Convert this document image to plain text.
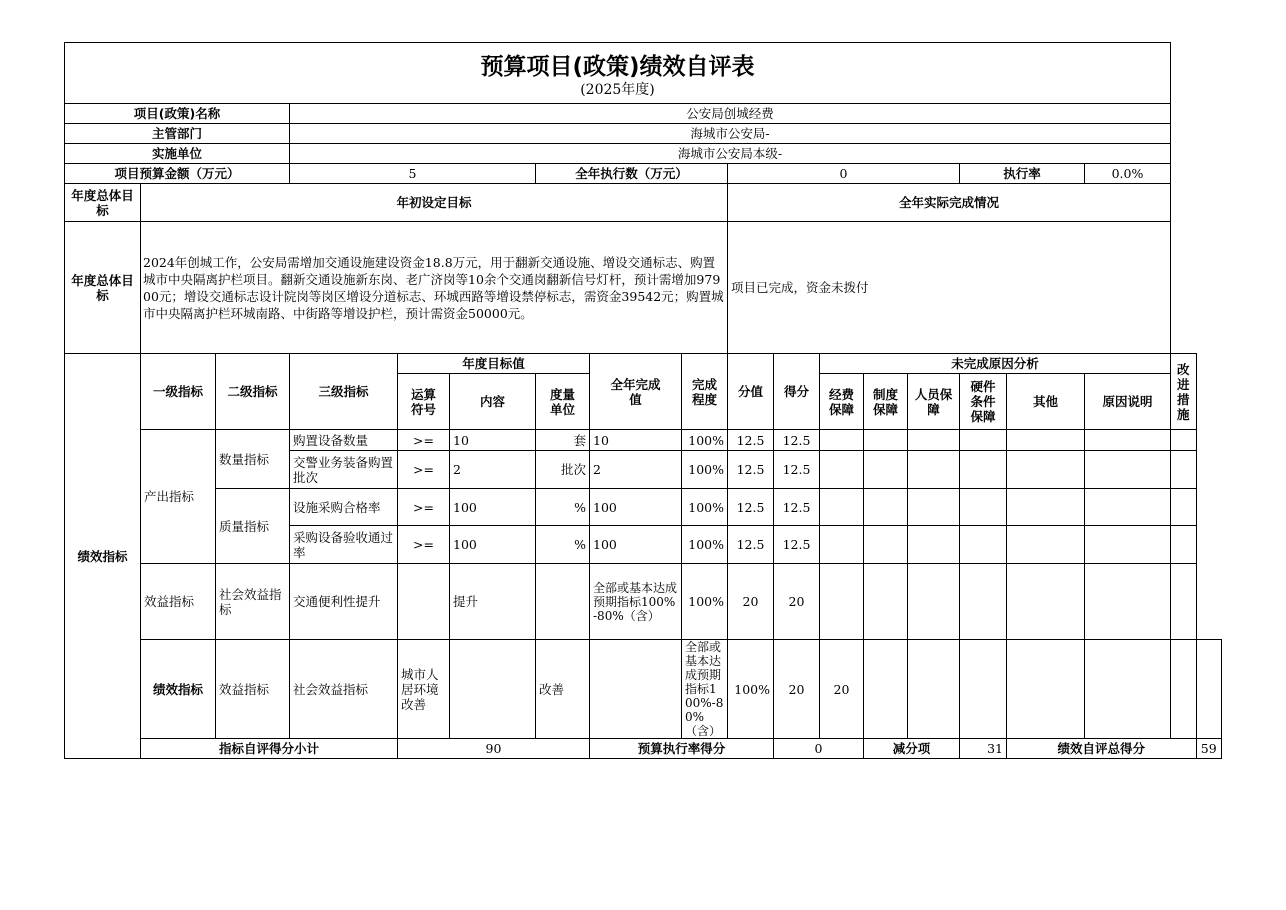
预算项目(政策)绩效自评表
(2025年度)																		

项目(政策)名称			公安局创城经费															
主管部门			海城市公安局-															
实施单位			海城市公安局本级-															
项目预算金额（万元）			5			全年执行数（万元）			0					执行率		0.0%		
年度总体目标	年初设定目标								全年实际完成情况									
年度总体目标	2024年创城工作，公安局需增加交通设施建设资金18.8万元，用于翻新交通设施、增设交通标志、购置城市中央隔离护栏项目。翻新交通设施新东岗、老广济岗等10余个交通岗翻新信号灯杆，预计需增加97900元；增设交通标志设计院岗等岗区增设分道标志、环城西路等增设禁停标志，需资金39542元；购置城市中央隔离护栏环城南路、中街路等增设护栏，预计需资金50000元。								项目已完成，资金未拨付									
绩效指标	一级指标	二级指标	三级指标	年度目标值			全年完成值	完成程度	分值	得分	未完成原因分析						改进措施	
				运算符号	内容	度量单位					经费保障	制度保障	人员保障	硬件条件保障	其他	原因说明		
	产出指标	数量指标	购置设备数量	>=	10	套	10	100%	12.5	12.5								
			交警业务装备购置批次	>=	2	批次	2	100%	12.5	12.5								
		质量指标	设施采购合格率	>=	100	%	100	100%	12.5	12.5								
			采购设备验收通过率	>=	100	%	100	100%	12.5	12.5								
	效益指标	社会效益指标	交通便利性提升		提升		全部或基本达成预期指标100%-80%（含）	100%	20	20								
	绩效指标	效益指标	社会效益指标	城市人居环境改善		改善		全部或基本达成预期指标100%-80%（含）	100%	20	20							
	指标自评得分小计			90			预算执行率得分			0		减分项		31	绩效自评总得分			59
